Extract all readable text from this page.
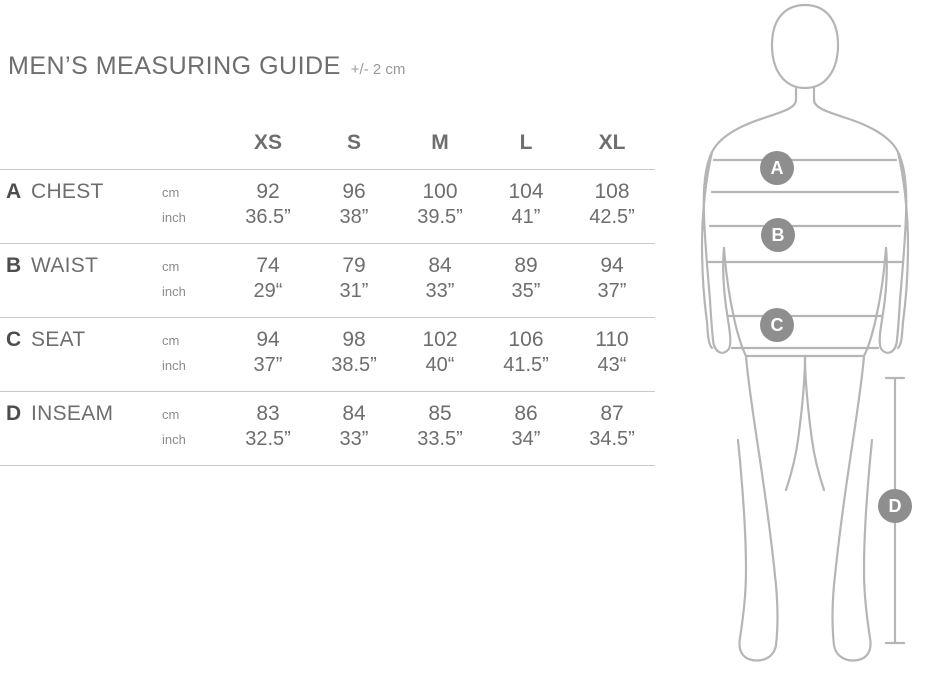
MEN’S MEASURING GUIDE +/- 2 cm
			XS	S	M	L	XL
A	CHEST	cm	92	96	100	104	108
		inch	36.5”	38”	39.5”	41”	42.5”
B	WAIST	cm	74	79	84	89	94
		inch	29“	31”	33”	35”	37”
C	SEAT	cm	94	98	102	106	110
		inch	37”	38.5”	40“	41.5”	43“
D	INSEAM	cm	83	84	85	86	87
		inch	32.5”	33”	33.5”	34”	34.5”

A
B
C
D
